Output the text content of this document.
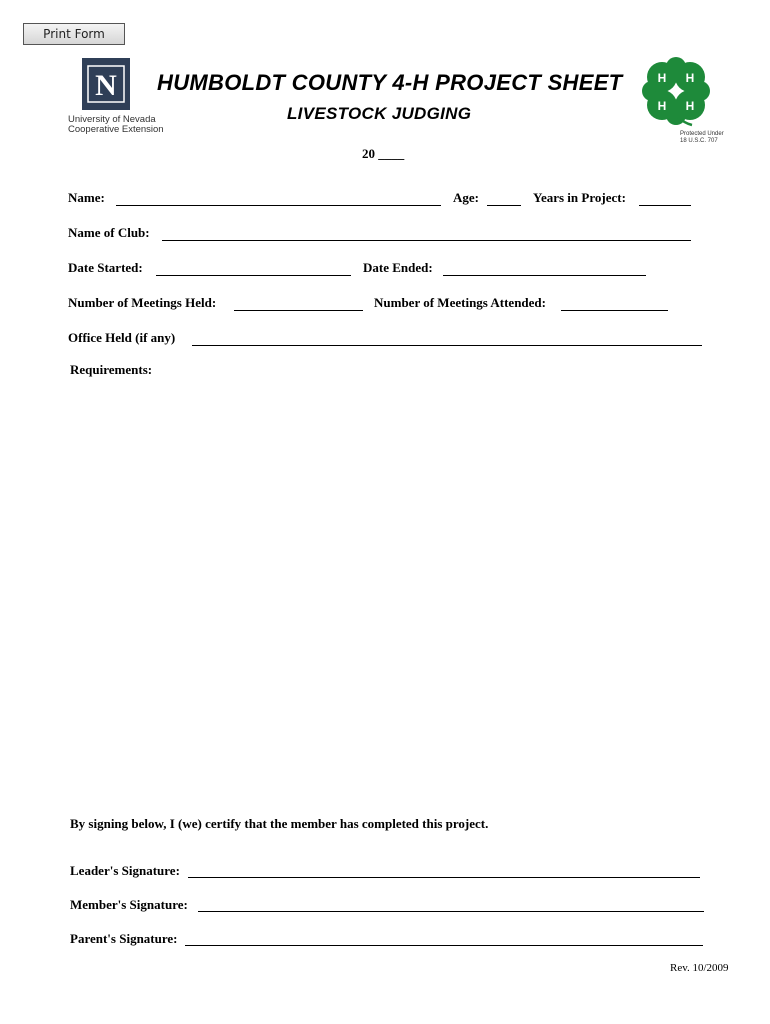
Print Form
N
University of Nevada
Cooperative Extension
HUMBOLDT COUNTY 4-H PROJECT SHEET
LIVESTOCK JUDGING
H H
H H
Protected Under
18 U.S.C. 707
20 ____
Name:	Age:	Years in Project:
Name of Club:
Date Started:	Date Ended:
Number of Meetings Held:	Number of Meetings Attended:
Office Held (if any)
Requirements:
By signing below, I (we) certify that the member has completed this project.
Leader's Signature:
Member's Signature:
Parent's Signature:
Rev. 10/2009
